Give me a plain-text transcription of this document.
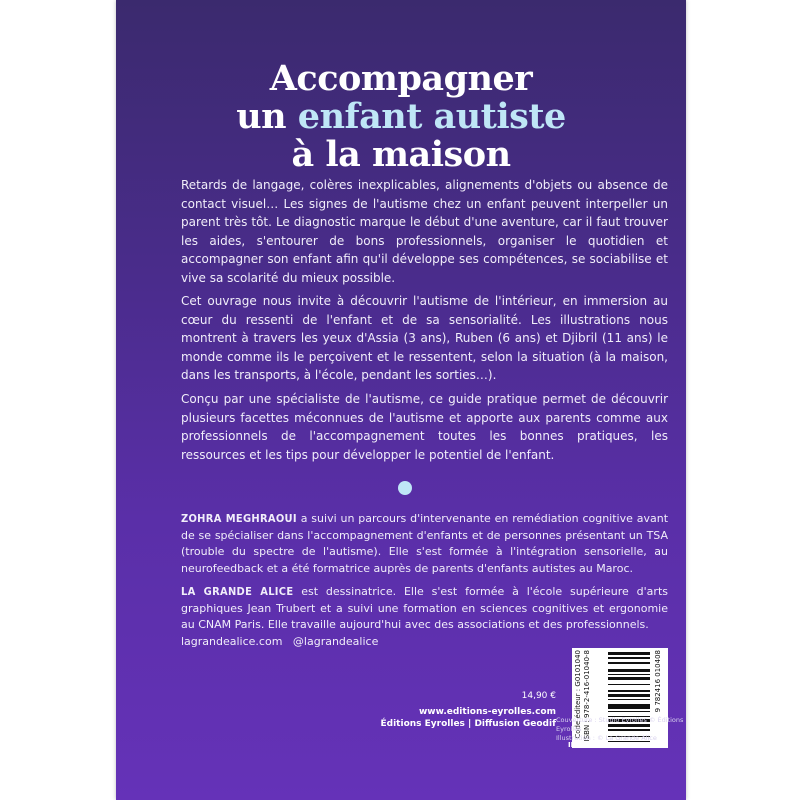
Accompagner
un enfant autiste
à la maison

Retards de langage, colères inexplicables, alignements d'objets ou absence de contact visuel… Les signes de l'autisme chez un enfant peuvent interpeller un parent très tôt. Le diagnostic marque le début d'une aventure, car il faut trouver les aides, s'entourer de bons professionnels, organiser le quotidien et accompagner son enfant afin qu'il développe ses compétences, se sociabilise et vive sa scolarité du mieux possible.

Cet ouvrage nous invite à découvrir l'autisme de l'intérieur, en immersion au cœur du ressenti de l'enfant et de sa sensorialité. Les illustrations nous montrent à travers les yeux d'Assia (3 ans), Ruben (6 ans) et Djibril (11 ans) le monde comme ils le perçoivent et le ressentent, selon la situation (à la maison, dans les transports, à l'école, pendant les sorties…).

Conçu par une spécialiste de l'autisme, ce guide pratique permet de découvrir plusieurs facettes méconnues de l'autisme et apporte aux parents comme aux professionnels de l'accompagnement toutes les bonnes pratiques, les ressources et les tips pour développer le potentiel de l'enfant.

ZOHRA MEGHRAOUI a suivi un parcours d'intervenante en remédiation cognitive avant de se spécialiser dans l'accompagnement d'enfants et de personnes présentant un TSA (trouble du spectre de l'autisme). Elle s'est formée à l'intégration sensorielle, au neurofeedback et a été formatrice auprès de parents d'enfants autistes au Maroc.
LA GRANDE ALICE est dessinatrice. Elle s'est formée à l'école supérieure d'arts graphiques Jean Trubert et a suivi une formation en sciences cognitives et ergonomie au CNAM Paris. Elle travaille aujourd'hui avec des associations et des professionnels.
lagrandealice.com   @lagrandealice
14,90 €
www.editions-eyrolles.com
Éditions Eyrolles | Diffusion Geodif	Code éditeur : G0101040 ISBN : 978-2-416-01040-8	9 782416 010408
Couverture : Studio Eyrolles © Éditions Eyrolles
Illustration : © La Grande Alice
IMPRIMÉ EN EUROPE
